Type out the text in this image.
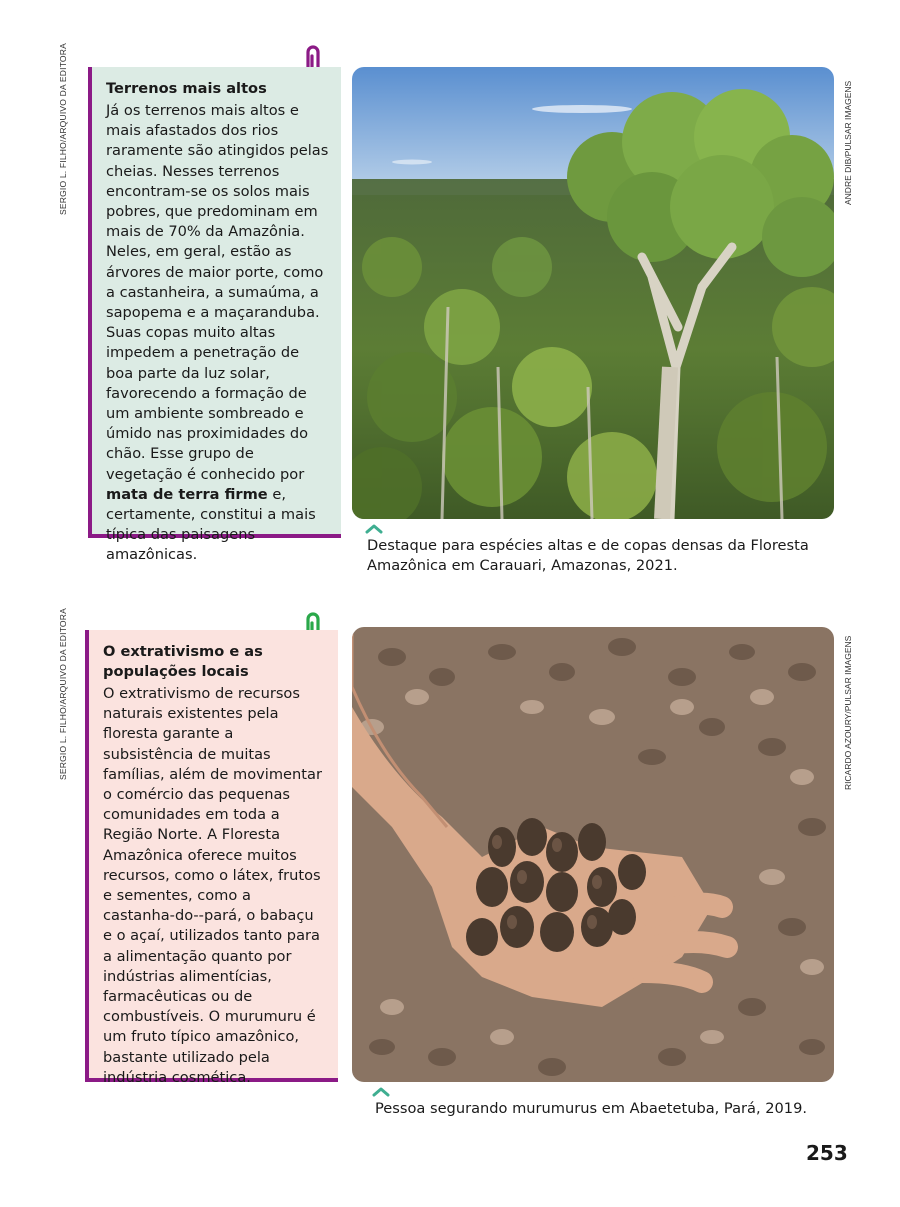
SERGIO L. FILHO/ARQUIVO DA EDITORA	Terrenos mais altos

Já os terrenos mais altos e mais afastados dos rios raramente são atingidos pelas cheias. Nesses terrenos encontram-se os solos mais pobres, que predominam em mais de 70% da Amazônia. Neles, em geral, estão as árvores de maior porte, como a castanheira, a sumaúma, a sapopema e a maçaranduba. Suas copas muito altas impedem a penetração de boa parte da luz solar, favorecendo a formação de um ambiente sombreado e úmido nas proximidades do chão. Esse grupo de vegetação é conhecido por mata de terra firme e, certamente, constitui a mais típica das paisagens amazônicas.

ANDRE DIB/PULSAR IMAGENS
Destaque para espécies altas e de copas densas da Floresta Amazônica em Carauari, Amazonas, 2021.
SERGIO L. FILHO/ARQUIVO DA EDITORA O extrativismo e as populações locais

O extrativismo de recursos naturais existentes pela floresta garante a subsistência de muitas famílias, além de movimentar o comércio das pequenas comunidades em toda a Região Norte. A Floresta Amazônica oferece muitos recursos, como o látex, frutos e sementes, como a castanha-do--pará, o babaçu e o açaí, utilizados tanto para a alimentação quanto por indústrias alimentícias, farmacêuticas ou de combustíveis. O murumuru é um fruto típico amazônico, bastante utilizado pela indústria cosmética.

RICARDO AZOURY/PULSAR IMAGENS
Pessoa segurando murumurus em Abaetetuba, Pará, 2019.
253
